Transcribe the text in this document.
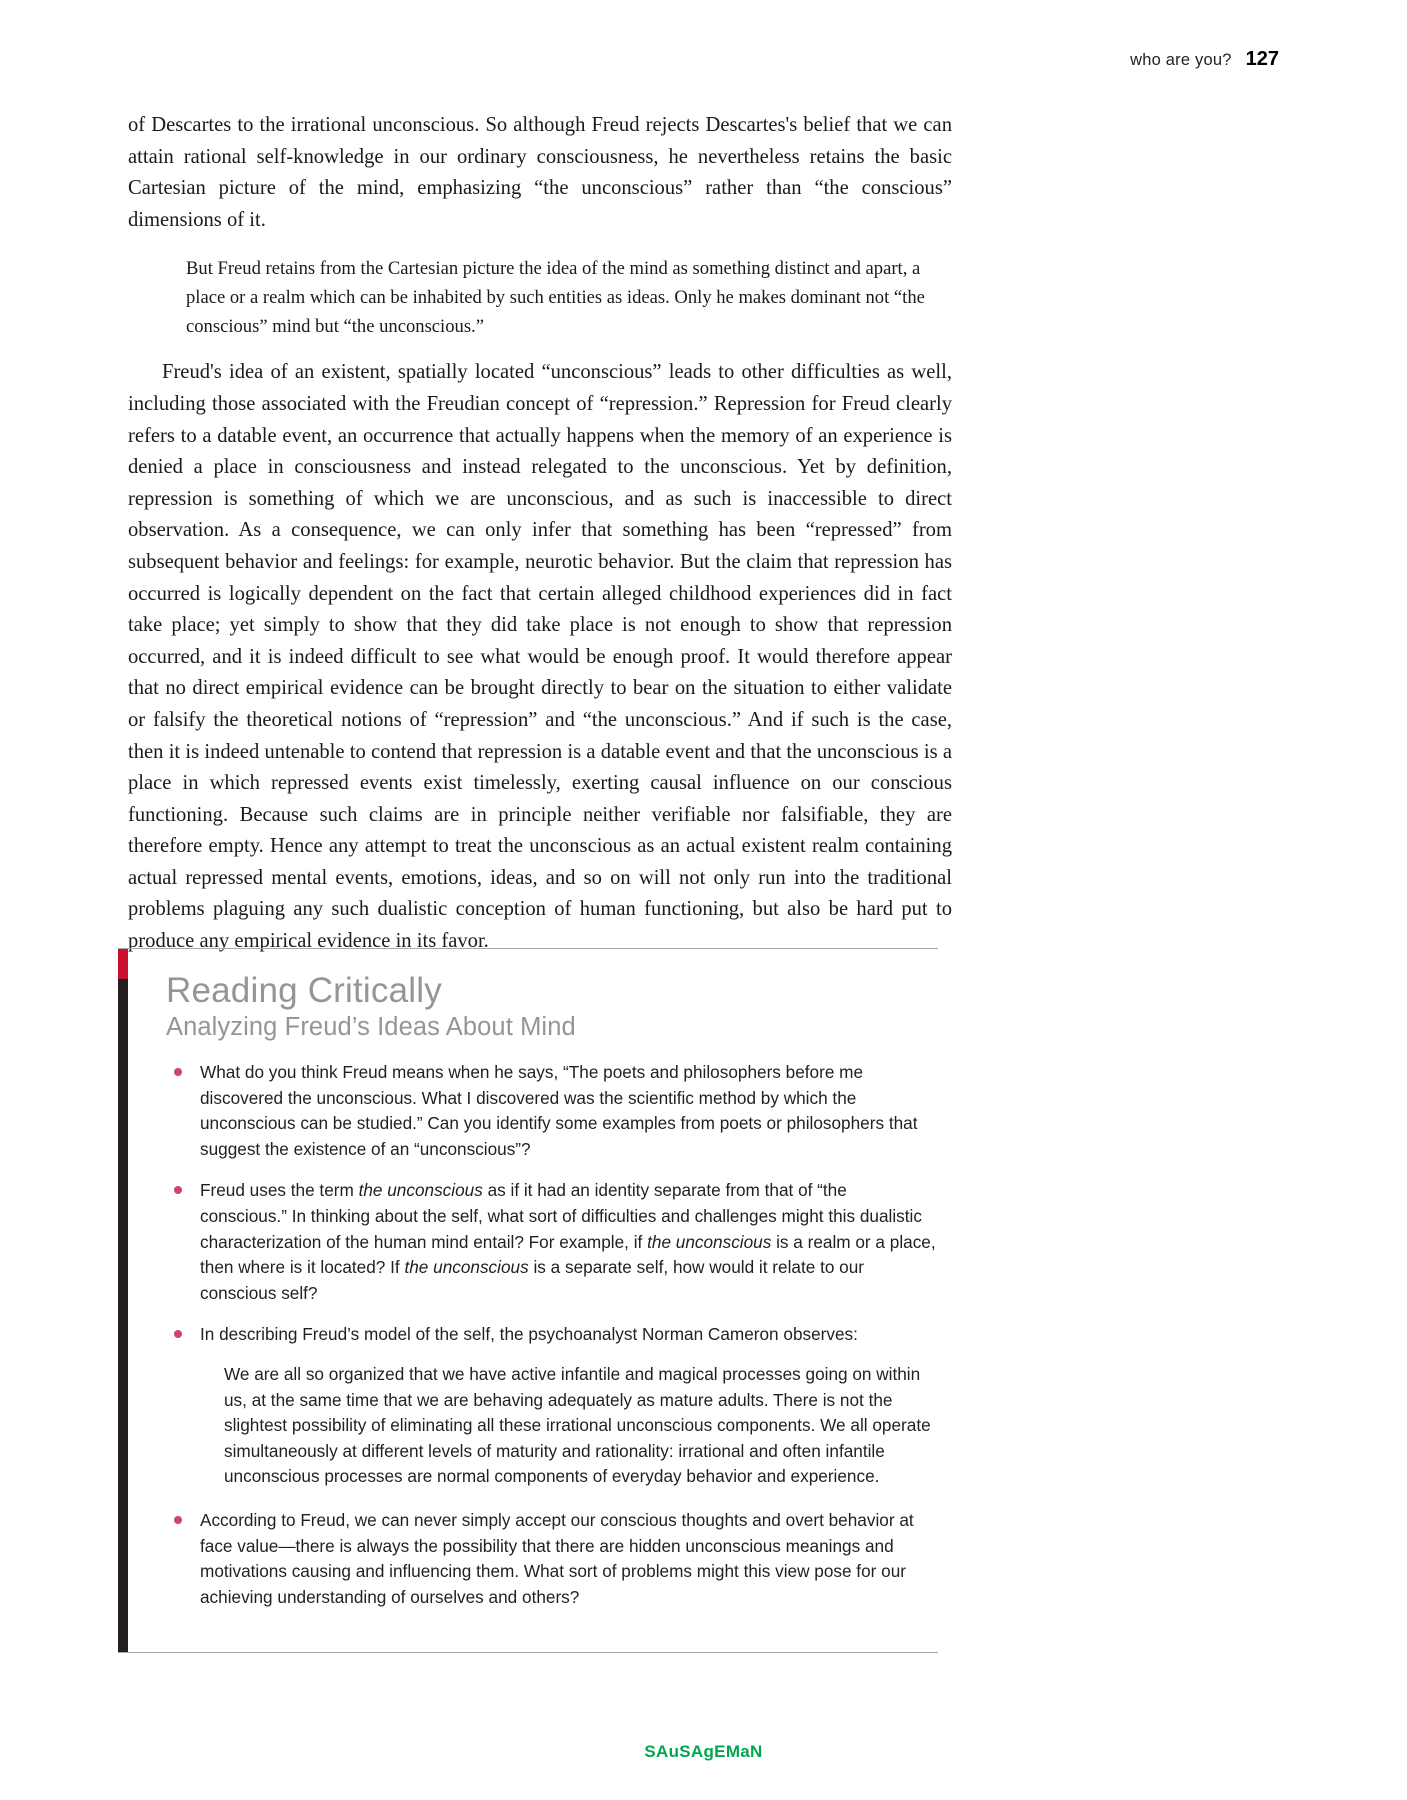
who are you? 127

of Descartes to the irrational unconscious. So although Freud rejects Descartes's belief that we can attain rational self-knowledge in our ordinary consciousness, he nevertheless retains the basic Cartesian picture of the mind, emphasizing “the unconscious” rather than “the conscious” dimensions of it.

But Freud retains from the Cartesian picture the idea of the mind as something distinct and apart, a place or a realm which can be inhabited by such entities as ideas. Only he makes dominant not “the conscious” mind but “the unconscious.”

Freud's idea of an existent, spatially located “unconscious” leads to other difficulties as well, including those associated with the Freudian concept of “repression.” Repression for Freud clearly refers to a datable event, an occurrence that actually happens when the memory of an experience is denied a place in consciousness and instead relegated to the unconscious. Yet by definition, repression is something of which we are unconscious, and as such is inaccessible to direct observation. As a consequence, we can only infer that something has been “repressed” from subsequent behavior and feelings: for example, neurotic behavior. But the claim that repression has occurred is logically dependent on the fact that certain alleged childhood experiences did in fact take place; yet simply to show that they did take place is not enough to show that repression occurred, and it is indeed difficult to see what would be enough proof. It would therefore appear that no direct empirical evidence can be brought directly to bear on the situation to either validate or falsify the theoretical notions of “repression” and “the unconscious.” And if such is the case, then it is indeed untenable to contend that repression is a datable event and that the unconscious is a place in which repressed events exist timelessly, exerting causal influence on our conscious functioning. Because such claims are in principle neither verifiable nor falsifiable, they are therefore empty. Hence any attempt to treat the unconscious as an actual existent realm containing actual repressed mental events, emotions, ideas, and so on will not only run into the traditional problems plaguing any such dualistic conception of human functioning, but also be hard put to produce any empirical evidence in its favor.

Reading Critically
Analyzing Freud’s Ideas About Mind
What do you think Freud means when he says, “The poets and philosophers before me discovered the unconscious. What I discovered was the scientific method by which the unconscious can be studied.” Can you identify some examples from poets or philosophers that suggest the existence of an “unconscious”?
Freud uses the term the unconscious as if it had an identity separate from that of “the conscious.” In thinking about the self, what sort of difficulties and challenges might this dualistic characterization of the human mind entail? For example, if the unconscious is a realm or a place, then where is it located? If the unconscious is a separate self, how would it relate to our conscious self?
In describing Freud’s model of the self, the psychoanalyst Norman Cameron observes:
We are all so organized that we have active infantile and magical processes going on within us, at the same time that we are behaving adequately as mature adults. There is not the slightest possibility of eliminating all these irrational unconscious components. We all operate simultaneously at different levels of maturity and rationality: irrational and often infantile unconscious processes are normal components of everyday behavior and experience.
According to Freud, we can never simply accept our conscious thoughts and overt behavior at face value—there is always the possibility that there are hidden unconscious meanings and motivations causing and influencing them. What sort of problems might this view pose for our achieving understanding of ourselves and others?
SAuSAgEMaN
